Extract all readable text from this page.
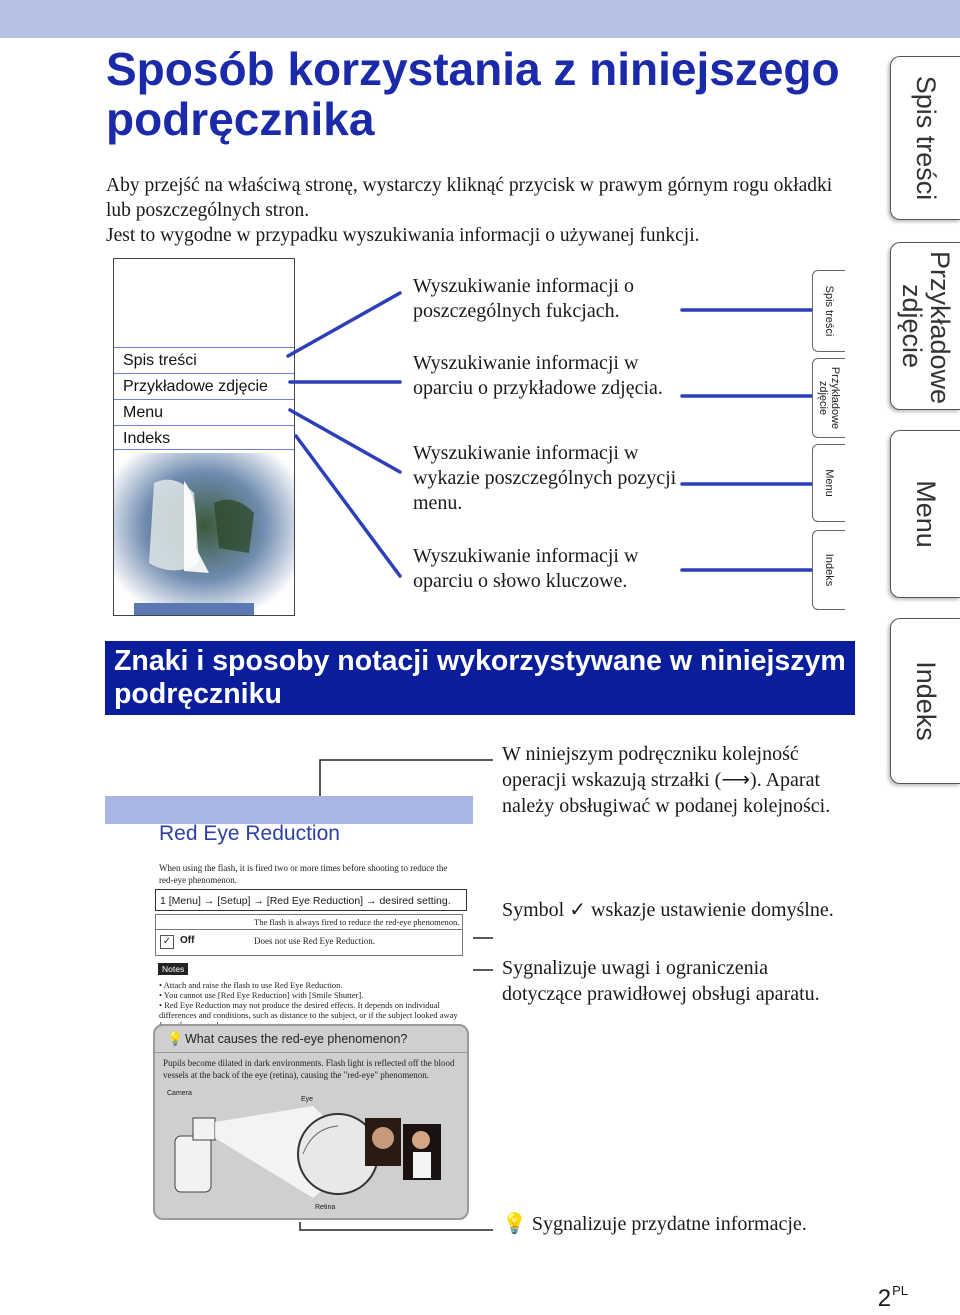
Sposób korzystania z niniejszego podręcznika

Aby przejść na właściwą stronę, wystarczy kliknąć przycisk w prawym górnym rogu okładki lub poszczególnych stron.

Jest to wygodne w przypadku wyszukiwania informacji o używanej funkcji.

Spis treści
Przykładowe zdjęcie
Menu
Indeks
Wyszukiwanie informacji o poszczególnych fukcjach.
Wyszukiwanie informacji w oparciu o przykładowe zdjęcia.
Wyszukiwanie informacji w wykazie poszczególnych pozycji menu.
Wyszukiwanie informacji w oparciu o słowo kluczowe.
Spis treści
Przykładowe zdjęcie
Menu
Indeks
Spis treści
Przykładowe zdjęcie
Menu
Indeks
Znaki i sposoby notacji wykorzystywane w niniejszym podręczniku
Red Eye Reduction
When using the flash, it is fired two or more times before shooting to reduce the red-eye phenomenon.
1 [Menu] → [Setup] → [Red Eye Reduction] → desired setting.
The flash is always fired to reduce the red-eye phenomenon.
✓ Off	Does not use Red Eye Reduction.
Notes
• Attach and raise the flash to use Red Eye Reduction.
• You cannot use [Red Eye Reduction] with [Smile Shutter].
• Red Eye Reduction may not produce the desired effects. It depends on individual differences and conditions, such as distance to the subject, or if the subject looked away
💡 What causes the red-eye phenomenon?
Pupils become dilated in dark environments. Flash light is reflected off the blood vessels at the back of the eye (retina), causing the "red-eye" phenomenon.
Camera
Eye
Retina
W niniejszym podręczniku kolejność operacji wskazują strzałki (⟶). Aparat należy obsługiwać w podanej kolejności.
Symbol ✓ wskazje ustawienie domyślne.
Sygnalizuje uwagi i ograniczenia dotyczące prawidłowej obsługi aparatu.
💡 Sygnalizuje przydatne informacje.
$2^{PL}$
